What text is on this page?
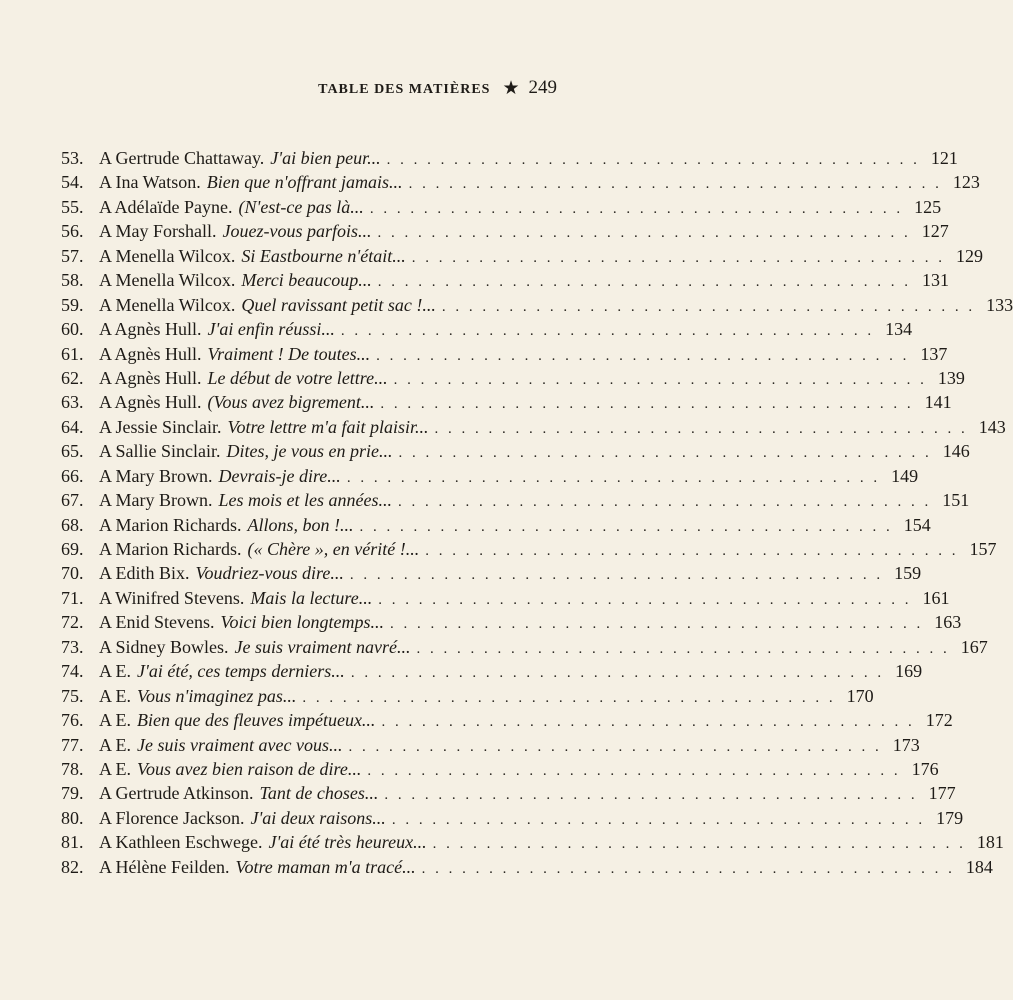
TABLE DES MATIÈRES ★ 249
53. A Gertrude Chattaway. J'ai bien peur... . . . . . . . . . . . . . . . . . . . . . . . . . . . . . . . . . . . . . . . . 121
54. A Ina Watson. Bien que n'offrant jamais... . . . . . . . . . . . . . . . . . . . . . . . . . . . . . . . . . . . . . . . . 123
55. A Adélaïde Payne. (N'est-ce pas là... . . . . . . . . . . . . . . . . . . . . . . . . . . . . . . . . . . . . . . . . 125
56. A May Forshall. Jouez-vous parfois... . . . . . . . . . . . . . . . . . . . . . . . . . . . . . . . . . . . . . . . . 127
57. A Menella Wilcox. Si Eastbourne n'était... . . . . . . . . . . . . . . . . . . . . . . . . . . . . . . . . . . . . . . . . 129
58. A Menella Wilcox. Merci beaucoup... . . . . . . . . . . . . . . . . . . . . . . . . . . . . . . . . . . . . . . . . 131
59. A Menella Wilcox. Quel ravissant petit sac !... . . . . . . . . . . . . . . . . . . . . . . . . . . . . . . . . . . . . . . . . 133
60. A Agnès Hull. J'ai enfin réussi... . . . . . . . . . . . . . . . . . . . . . . . . . . . . . . . . . . . . . . . . 134
61. A Agnès Hull. Vraiment ! De toutes... . . . . . . . . . . . . . . . . . . . . . . . . . . . . . . . . . . . . . . . . 137
62. A Agnès Hull. Le début de votre lettre... . . . . . . . . . . . . . . . . . . . . . . . . . . . . . . . . . . . . . . . . 139
63. A Agnès Hull. (Vous avez bigrement... . . . . . . . . . . . . . . . . . . . . . . . . . . . . . . . . . . . . . . . . 141
64. A Jessie Sinclair. Votre lettre m'a fait plaisir... . . . . . . . . . . . . . . . . . . . . . . . . . . . . . . . . . . . . . . . . 143
65. A Sallie Sinclair. Dites, je vous en prie... . . . . . . . . . . . . . . . . . . . . . . . . . . . . . . . . . . . . . . . . 146
66. A Mary Brown. Devrais-je dire... . . . . . . . . . . . . . . . . . . . . . . . . . . . . . . . . . . . . . . . . 149
67. A Mary Brown. Les mois et les années... . . . . . . . . . . . . . . . . . . . . . . . . . . . . . . . . . . . . . . . . 151
68. A Marion Richards. Allons, bon !... . . . . . . . . . . . . . . . . . . . . . . . . . . . . . . . . . . . . . . . . 154
69. A Marion Richards. (« Chère », en vérité !... . . . . . . . . . . . . . . . . . . . . . . . . . . . . . . . . . . . . . . . . 157
70. A Edith Bix. Voudriez-vous dire... . . . . . . . . . . . . . . . . . . . . . . . . . . . . . . . . . . . . . . . . 159
71. A Winifred Stevens. Mais la lecture... . . . . . . . . . . . . . . . . . . . . . . . . . . . . . . . . . . . . . . . . 161
72. A Enid Stevens. Voici bien longtemps... . . . . . . . . . . . . . . . . . . . . . . . . . . . . . . . . . . . . . . . . 163
73. A Sidney Bowles. Je suis vraiment navré... . . . . . . . . . . . . . . . . . . . . . . . . . . . . . . . . . . . . . . . . 167
74. A E. J'ai été, ces temps derniers... . . . . . . . . . . . . . . . . . . . . . . . . . . . . . . . . . . . . . . . . 169
75. A E. Vous n'imaginez pas... . . . . . . . . . . . . . . . . . . . . . . . . . . . . . . . . . . . . . . . . 170
76. A E. Bien que des fleuves impétueux... . . . . . . . . . . . . . . . . . . . . . . . . . . . . . . . . . . . . . . . . 172
77. A E. Je suis vraiment avec vous... . . . . . . . . . . . . . . . . . . . . . . . . . . . . . . . . . . . . . . . . 173
78. A E. Vous avez bien raison de dire... . . . . . . . . . . . . . . . . . . . . . . . . . . . . . . . . . . . . . . . . 176
79. A Gertrude Atkinson. Tant de choses... . . . . . . . . . . . . . . . . . . . . . . . . . . . . . . . . . . . . . . . . 177
80. A Florence Jackson. J'ai deux raisons... . . . . . . . . . . . . . . . . . . . . . . . . . . . . . . . . . . . . . . . . 179
81. A Kathleen Eschwege. J'ai été très heureux... . . . . . . . . . . . . . . . . . . . . . . . . . . . . . . . . . . . . . . . . 181
82. A Hélène Feilden. Votre maman m'a tracé... . . . . . . . . . . . . . . . . . . . . . . . . . . . . . . . . . . . . . . . . 184
